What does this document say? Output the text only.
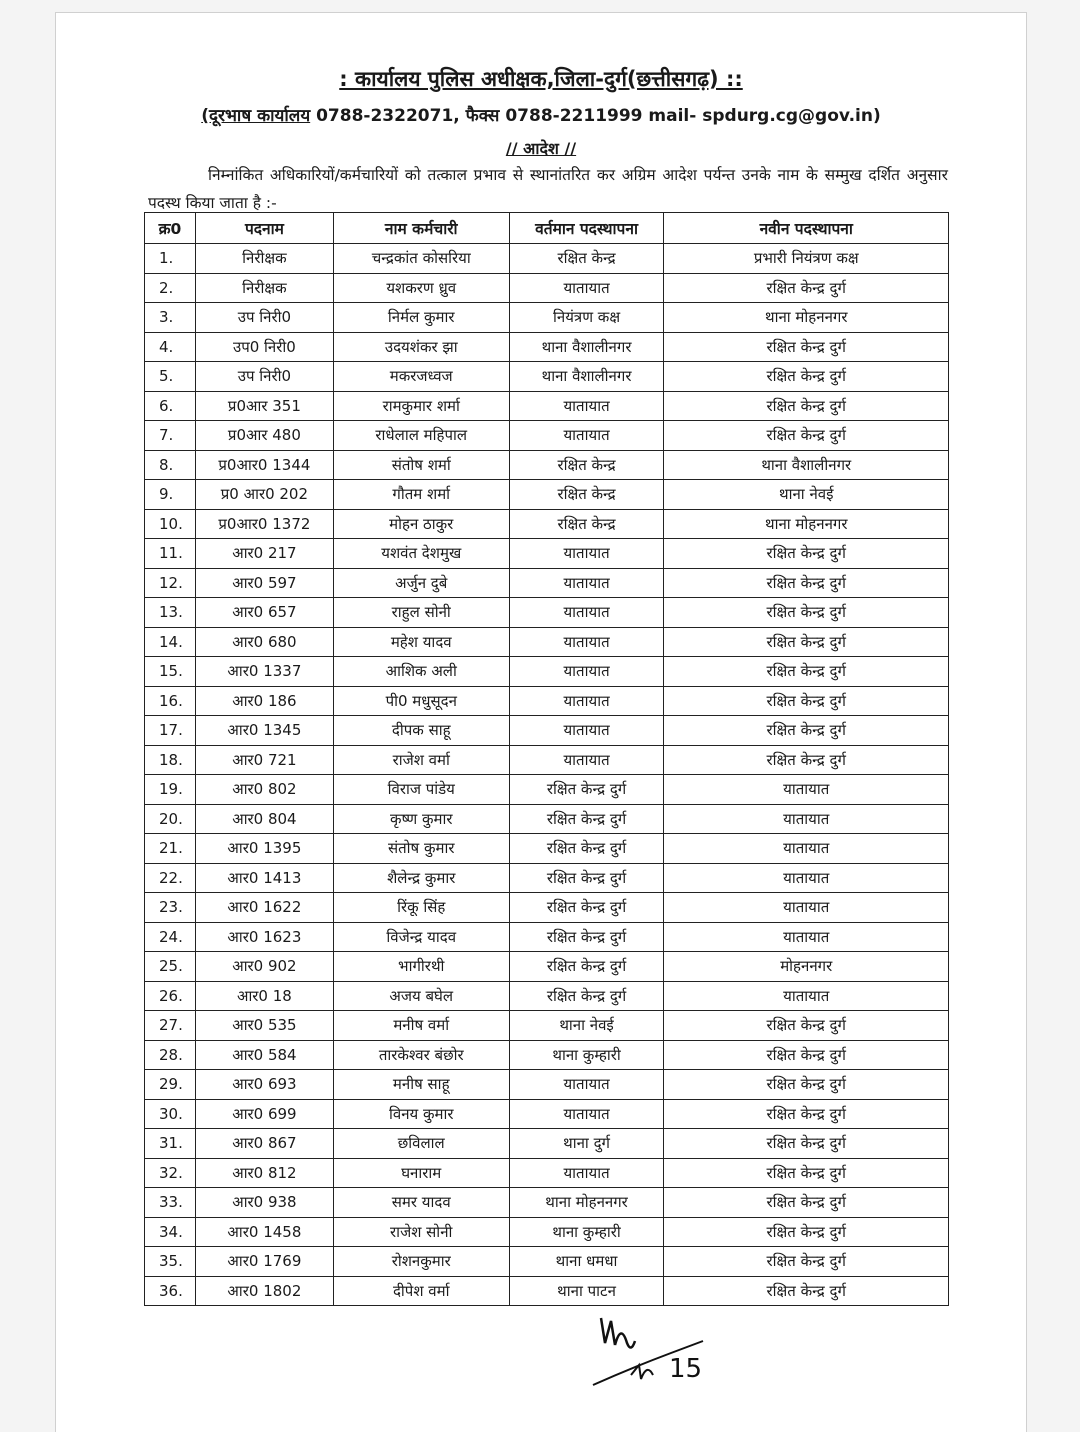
: कार्यालय पुलिस अधीक्षक,जिला-दुर्ग(छत्तीसगढ़) ::
(दूरभाष कार्यालय 0788-2322071, फैक्स 0788-2211999 mail- spdurg.cg@gov.in)
// आदेश //
निम्नांकित अधिकारियों/कर्मचारियों को तत्काल प्रभाव से स्थानांतरित कर अग्रिम आदेश पर्यन्त उनके नाम के सम्मुख दर्शित अनुसार पदस्थ किया जाता है :-
क्र0	पदनाम	नाम कर्मचारी	वर्तमान पदस्थापना	नवीन पदस्थापना
1.	निरीक्षक	चन्द्रकांत कोसरिया	रक्षित केन्द्र	प्रभारी नियंत्रण कक्ष
2.	निरीक्षक	यशकरण ध्रुव	यातायात	रक्षित केन्द्र दुर्ग
3.	उप निरी0	निर्मल कुमार	नियंत्रण कक्ष	थाना मोहननगर
4.	उप0 निरी0	उदयशंकर झा	थाना वैशालीनगर	रक्षित केन्द्र दुर्ग
5.	उप निरी0	मकरजध्वज	थाना वैशालीनगर	रक्षित केन्द्र दुर्ग
6.	प्र0आर 351	रामकुमार शर्मा	यातायात	रक्षित केन्द्र दुर्ग
7.	प्र0आर 480	राधेलाल महिपाल	यातायात	रक्षित केन्द्र दुर्ग
8.	प्र0आर0 1344	संतोष शर्मा	रक्षित केन्द्र	थाना वैशालीनगर
9.	प्र0 आर0 202	गौतम शर्मा	रक्षित केन्द्र	थाना नेवई
10.	प्र0आर0 1372	मोहन ठाकुर	रक्षित केन्द्र	थाना मोहननगर
11.	आर0 217	यशवंत देशमुख	यातायात	रक्षित केन्द्र दुर्ग
12.	आर0 597	अर्जुन दुबे	यातायात	रक्षित केन्द्र दुर्ग
13.	आर0 657	राहुल सोनी	यातायात	रक्षित केन्द्र दुर्ग
14.	आर0 680	महेश यादव	यातायात	रक्षित केन्द्र दुर्ग
15.	आर0 1337	आशिक अली	यातायात	रक्षित केन्द्र दुर्ग
16.	आर0 186	पी0 मधुसूदन	यातायात	रक्षित केन्द्र दुर्ग
17.	आर0 1345	दीपक साहू	यातायात	रक्षित केन्द्र दुर्ग
18.	आर0 721	राजेश वर्मा	यातायात	रक्षित केन्द्र दुर्ग
19.	आर0 802	विराज पांडेय	रक्षित केन्द्र दुर्ग	यातायात
20.	आर0 804	कृष्ण कुमार	रक्षित केन्द्र दुर्ग	यातायात
21.	आर0 1395	संतोष कुमार	रक्षित केन्द्र दुर्ग	यातायात
22.	आर0 1413	शैलेन्द्र कुमार	रक्षित केन्द्र दुर्ग	यातायात
23.	आर0 1622	रिंकू सिंह	रक्षित केन्द्र दुर्ग	यातायात
24.	आर0 1623	विजेन्द्र यादव	रक्षित केन्द्र दुर्ग	यातायात
25.	आर0 902	भागीरथी	रक्षित केन्द्र दुर्ग	मोहननगर
26.	आर0 18	अजय बघेल	रक्षित केन्द्र दुर्ग	यातायात
27.	आर0 535	मनीष वर्मा	थाना नेवई	रक्षित केन्द्र दुर्ग
28.	आर0 584	तारकेश्वर बंछोर	थाना कुम्हारी	रक्षित केन्द्र दुर्ग
29.	आर0 693	मनीष साहू	यातायात	रक्षित केन्द्र दुर्ग
30.	आर0 699	विनय कुमार	यातायात	रक्षित केन्द्र दुर्ग
31.	आर0 867	छविलाल	थाना दुर्ग	रक्षित केन्द्र दुर्ग
32.	आर0 812	घनाराम	यातायात	रक्षित केन्द्र दुर्ग
33.	आर0 938	समर यादव	थाना मोहननगर	रक्षित केन्द्र दुर्ग
34.	आर0 1458	राजेश सोनी	थाना कुम्हारी	रक्षित केन्द्र दुर्ग
35.	आर0 1769	रोशनकुमार	थाना धमधा	रक्षित केन्द्र दुर्ग
36.	आर0 1802	दीपेश वर्मा	थाना पाटन	रक्षित केन्द्र दुर्ग
15
